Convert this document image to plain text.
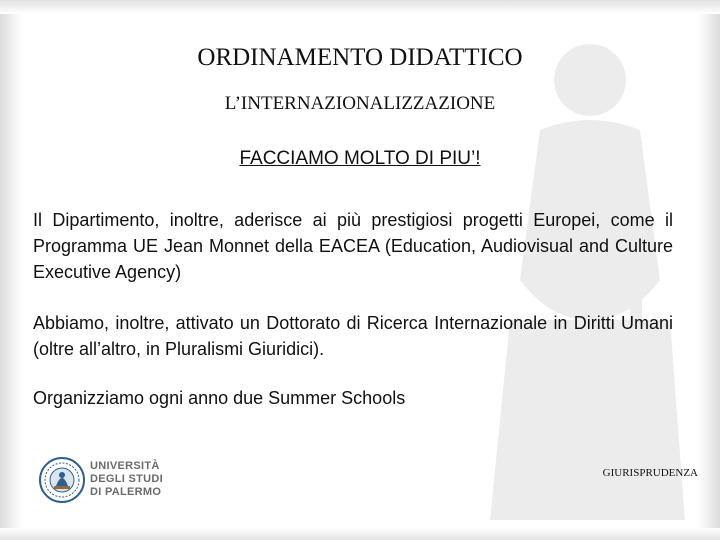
ORDINAMENTO DIDATTICO
L’INTERNAZIONALIZZAZIONE
FACCIAMO MOLTO DI PIU’!

Il Dipartimento, inoltre, aderisce ai più prestigiosi progetti Europei, come il Programma UE Jean Monnet della EACEA (Education, Audiovisual and Culture Executive Agency)

Abbiamo, inoltre, attivato un Dottorato di Ricerca Internazionale in Diritti Umani (oltre all’altro, in Pluralismi Giuridici).

Organizziamo ogni anno due Summer Schools

UNIVERSITÀ
DEGLI STUDI
DI PALERMO
GIURISPRUDENZA
